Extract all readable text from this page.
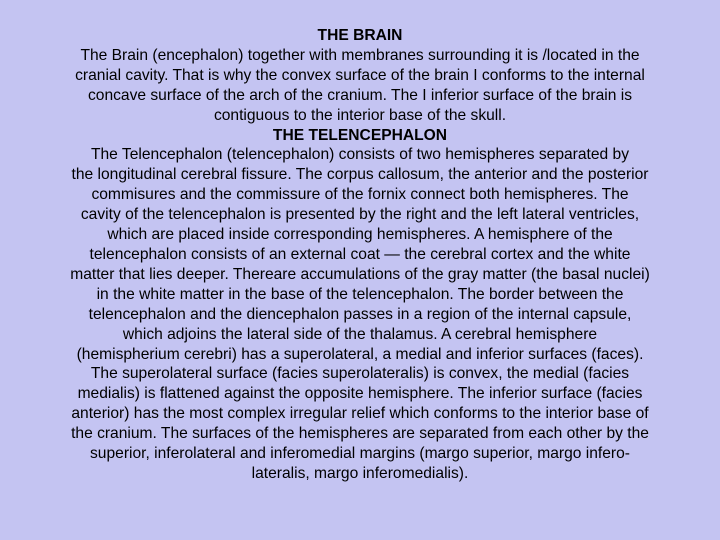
THE BRAIN
The Brain (encephalon) together with membranes surrounding it is /located in the
cranial cavity. That is why the convex surface of the brain I conforms to the internal
concave surface of the arch of the cranium. The I inferior surface of the brain is
contiguous to the interior base of the skull.
THE TELENCEPHALON
The Telencephalon (telencephalon) consists of two hemispheres separated by
the longitudinal cerebral fissure. The corpus callosum, the anterior and the posterior
commisures and the commissure of the fornix connect both hemispheres. The
cavity of the telencephalon is presented by the right and the left lateral ventricles,
which are placed inside corresponding hemispheres. A hemisphere of the
telencephalon consists of an external coat — the cerebral cortex and the white
matter that lies deeper. Thereare accumulations of the gray matter (the basal nuclei)
in the white matter in the base of the telencephalon. The border between the
telencephalon and the diencephalon passes in a region of the internal capsule,
which adjoins the lateral side of the thalamus. A cerebral hemisphere
(hemispherium cerebri) has a superolateral, a medial and inferior surfaces (faces).
The superolateral surface (facies superolateralis) is convex, the medial (facies
medialis) is flattened against the opposite hemisphere. The inferior surface (facies
anterior) has the most complex irregular relief which conforms to the interior base of
the cranium. The surfaces of the hemispheres are separated from each other by the
superior, inferolateral and inferomedial margins (margo superior, margo infero-
lateralis, margo inferomedialis).
